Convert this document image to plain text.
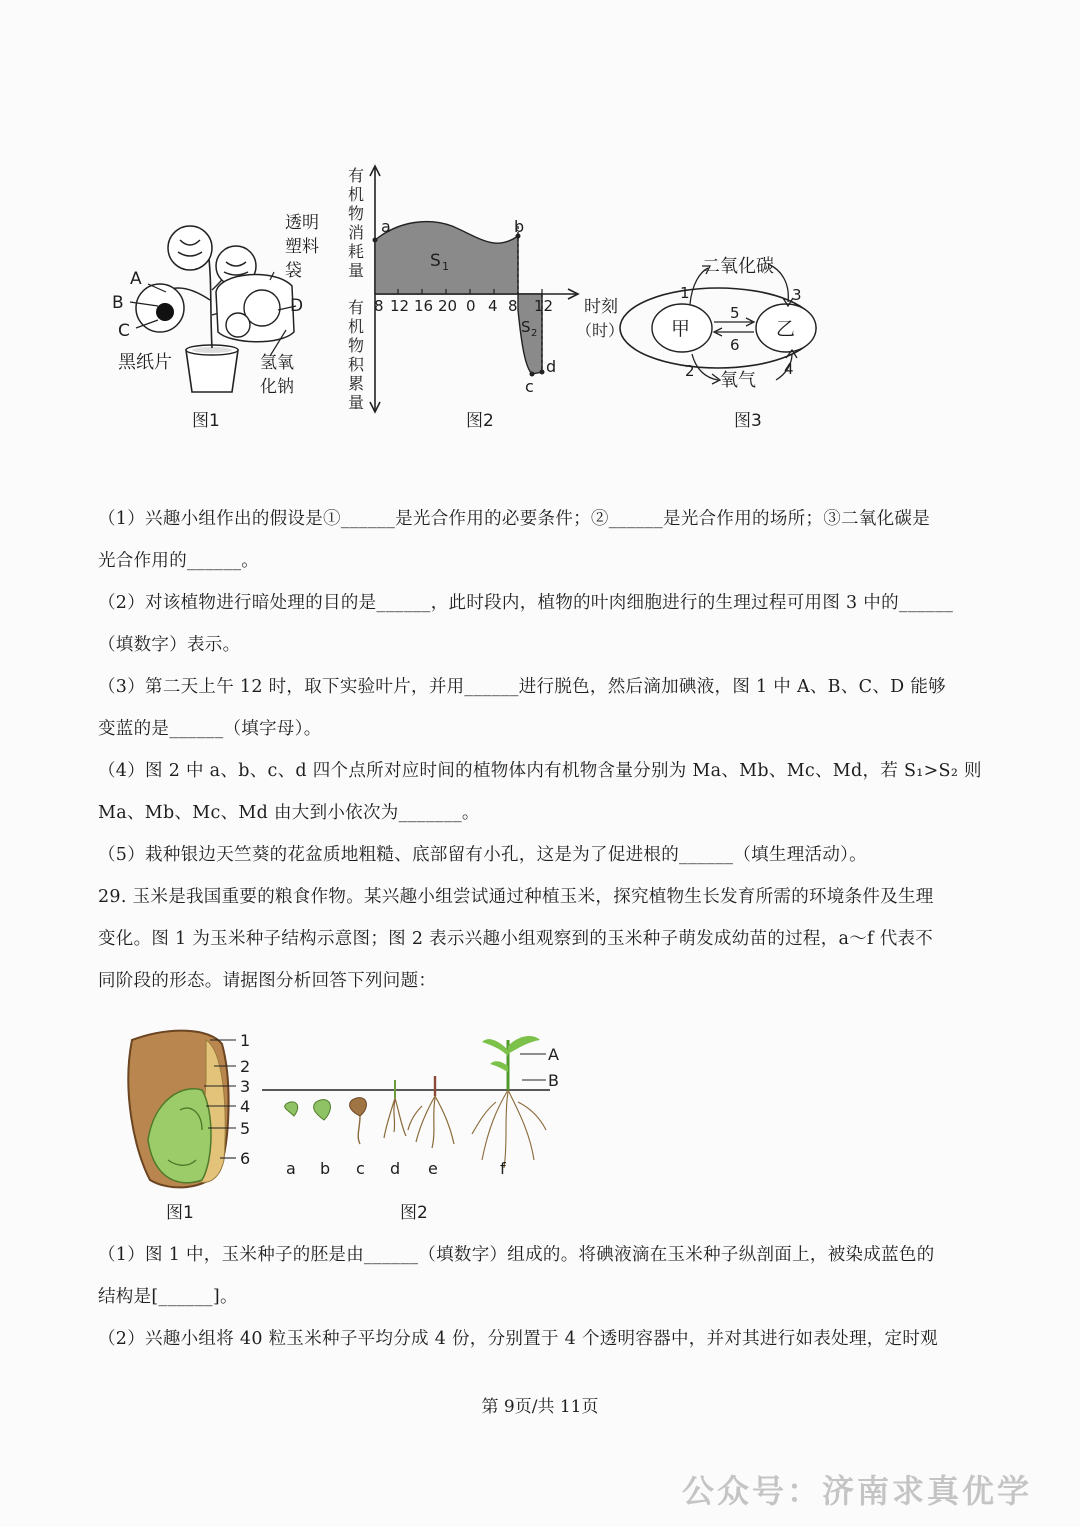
透明
塑料
袋
A
B
C
D
黑纸片	氢氧
化钠
图1
a	b
c
d
S 1
S 2
8 12 16 20 0 4 8 12 时刻
（时）
图2
甲	乙
二氧化碳
氧气
1
2
3
4
5
6
图3
有机物消耗量
有机物积累量
（1）兴趣小组作出的假设是①______是光合作用的必要条件；②______是光合作用的场所；③二氧化碳是
光合作用的______。
（2）对该植物进行暗处理的目的是______，此时段内，植物的叶肉细胞进行的生理过程可用图 3 中的______
（填数字）表示。
（3）第二天上午 12 时，取下实验叶片，并用______进行脱色，然后滴加碘液，图 1 中 A、B、C、D 能够
变蓝的是______（填字母）。
（4）图 2 中 a、b、c、d 四个点所对应时间的植物体内有机物含量分别为 Ma、Mb、Mc、Md，若 S₁>S₂ 则
Ma、Mb、Mc、Md 由大到小依次为_______。
（5）栽种银边天竺葵的花盆质地粗糙、底部留有小孔，这是为了促进根的______（填生理活动）。
29. 玉米是我国重要的粮食作物。某兴趣小组尝试通过种植玉米，探究植物生长发育所需的环境条件及生理
变化。图 1 为玉米种子结构示意图；图 2 表示兴趣小组观察到的玉米种子萌发成幼苗的过程，a～f 代表不
同阶段的形态。请据图分析回答下列问题：
1
2
3
4
5
6
图1
A
B
a b c d e	f
图2
（1）图 1 中，玉米种子的胚是由______（填数字）组成的。将碘液滴在玉米种子纵剖面上，被染成蓝色的
结构是[______]。
（2）兴趣小组将 40 粒玉米种子平均分成 4 份，分别置于 4 个透明容器中，并对其进行如表处理，定时观
第 9页/共 11页
公众号：济南求真优学
